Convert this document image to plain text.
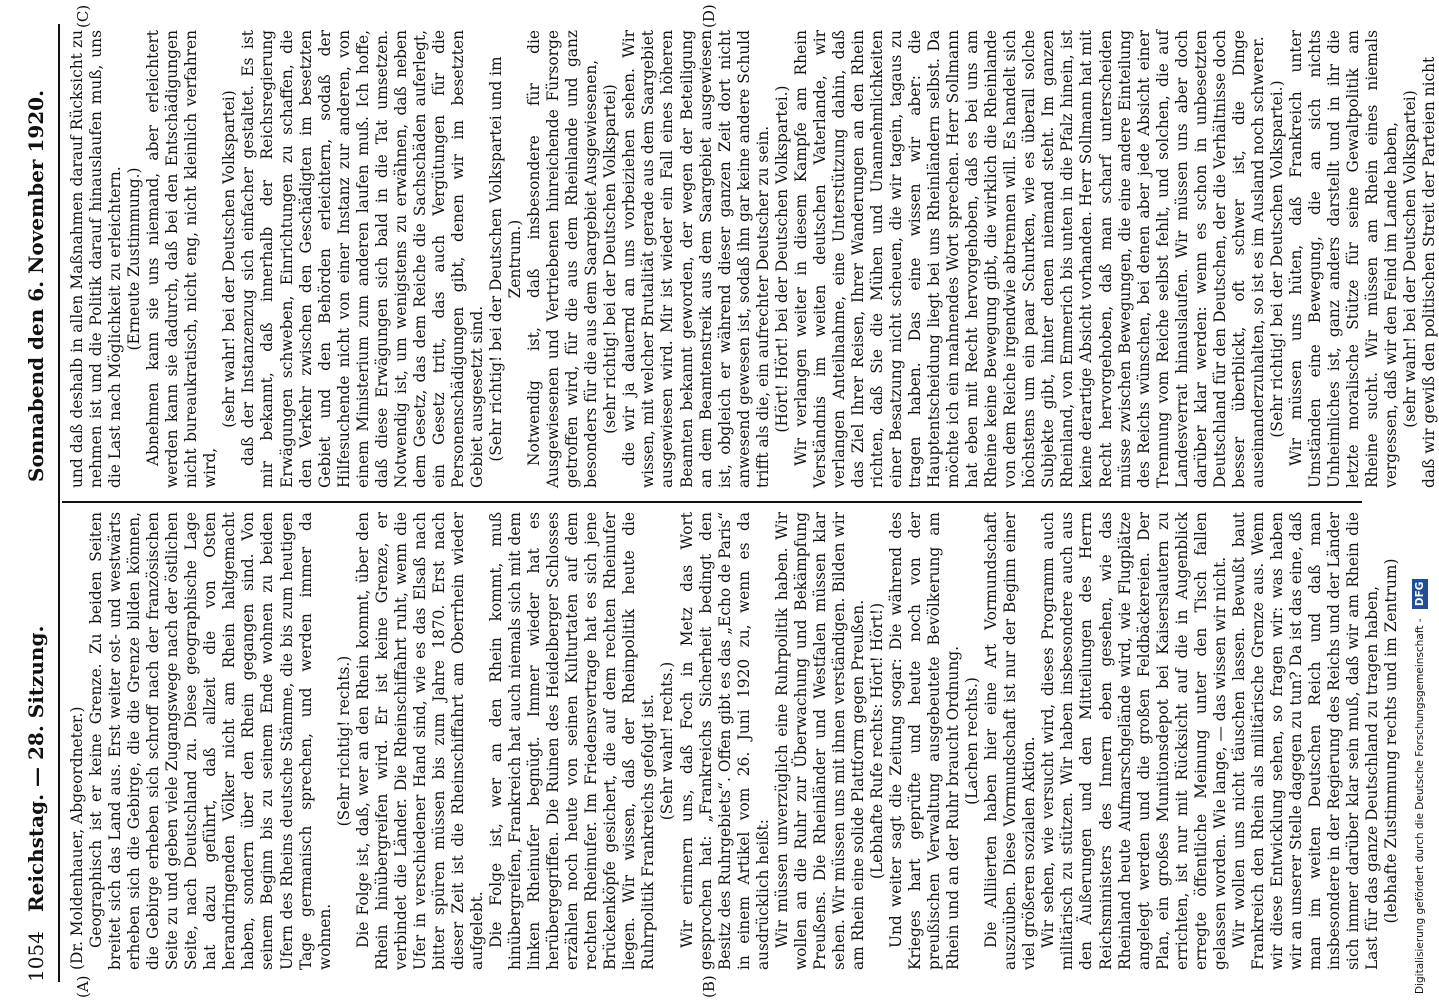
1054
Reichstag. — 28. Sitzung.
Sonnabend den 6. November 1920.
(A)	(B)
(C)	(D)

(Dr. Moldenhauer, Abgeordneter.) Geographisch ist er keine Grenze. Zu beiden Seiten breitet sich das Land aus. Erst weiter ost- und westwärts erheben sich die Gebirge, die die Grenze bilden können, die Gebirge erheben sich schroff nach der französischen Seite zu und geben viele Zugangswege nach der östlichen Seite, nach Deutschland zu. Diese geographische Lage hat dazu geführt, daß allzeit die von Osten herandringenden Völker nicht am Rhein haltgemacht haben, sondern über den Rhein gegangen sind. Von seinem Beginn bis zu seinem Ende wohnen zu beiden Ufern des Rheins deutsche Stämme, die bis zum heutigen Tage germanisch sprechen, und werden immer da wohnen.

(Sehr richtig! rechts.) Die Folge ist, daß, wer an den Rhein kommt, über den Rhein hinübergreifen wird. Er ist keine Grenze, er verbindet die Länder. Die Rheinschiffahrt ruht, wenn die Ufer in verschiedener Hand sind, wie es das Elsaß nach bitter spüren müssen bis zum Jahre 1870. Erst nach dieser Zeit ist die Rheinschiffahrt am Oberrhein wieder aufgelebt. Die Folge ist, wer an den Rhein kommt, muß hinübergreifen, Frankreich hat auch niemals sich mit dem linken Rheinufer begnügt. Immer wieder hat es herübergegriffen. Die Ruinen des Heidelberger Schlosses erzählen noch heute von seinen Kulturtaten auf dem rechten Rheinufer. Im Friedensvertrage hat es sich jene Brückenköpfe gesichert, die auf dem rechten Rheinufer liegen. Wir wissen, daß der Rheinpolitik heute die Ruhrpolitik Frankreichs gefolgt ist. (Sehr wahr! rechts.) Wir erinnern uns, daß Foch in Metz das Wort gesprochen hat: „Frankreichs Sicherheit bedingt den Besitz des Ruhrgebiets“. Offen gibt es das „Echo de Paris“ in einem Artikel vom 26. Juni 1920 zu, wenn es da ausdrücklich heißt: Wir müssen unverzüglich eine Ruhrpolitik haben. Wir wollen an die Ruhr zur Überwachung und Bekämpfung Preußens. Die Rheinländer und Westfalen müssen klar sehen. Wir müssen uns mit ihnen verständigen. Bilden wir am Rhein eine solide Plattform gegen Preußen. (Lebhafte Rufe rechts: Hört! Hört!) Und weiter sagt die Zeitung sogar: Die während des Krieges hart geprüfte und heute noch von der preußischen Verwaltung ausgebeutete Bevölkerung am Rhein und an der Ruhr braucht Ordnung. (Lachen rechts.) Die Alliierten haben hier eine Art Vormundschaft auszuüben. Diese Vormundschaft ist nur der Beginn einer viel größeren sozialen Aktion. Wir sehen, wie versucht wird, dieses Programm auch militärisch zu stützen. Wir haben insbesondere auch aus den Äußerungen und den Mitteilungen des Herrn Reichsministers des Innern eben gesehen, wie das Rheinland heute Aufmarschgelände wird, wie Flugplätze angelegt werden und die großen Feldbäckereien. Der Plan, ein großes Munitionsdepot bei Kaiserslautern zu errichten, ist nur mit Rücksicht auf die in Augenblick erregte öffentliche Meinung unter den Tisch fallen gelassen worden. Wie lange, — das wissen wir nicht. Wir wollen uns nicht täuschen lassen. Bewußt baut Frankreich den Rhein als militärische Grenze aus. Wenn wir diese Entwicklung sehen, so fragen wir: was haben wir an unserer Stelle dagegen zu tun? Da ist das eine, daß man im weiten Deutschen Reich und daß man insbesondere in der Regierung des Reichs und der Länder sich immer darüber klar sein muß, daß wir am Rhein die Last für das ganze Deutschland zu tragen haben, (lebhafte Zustimmung rechts und im Zentrum)

und daß deshalb in allen Maßnahmen darauf Rücksicht zu nehmen ist und die Politik darauf hinauslaufen muß, uns die Last nach Möglichkeit zu erleichtern. (Erneute Zustimmung.) Abnehmen kann sie uns niemand, aber erleichtert werden kann sie dadurch, daß bei den Entschädigungen nicht bureaukratisch, nicht eng, nicht kleinlich verfahren wird,

(sehr wahr! bei der Deutschen Volkspartei) daß der Instanzenzug sich einfacher gestaltet. Es ist mir bekannt, daß innerhalb der Reichsregierung Erwägungen schweben, Einrichtungen zu schaffen, die den Verkehr zwischen den Geschädigten im besetzten Gebiet und den Behörden erleichtern, sodaß der Hilfesuchende nicht von einer Instanz zur anderen, von einem Ministerium zum anderen laufen muß. Ich hoffe, daß diese Erwägungen sich bald in die Tat umsetzen. Notwendig ist, um wenigstens zu erwähnen, daß neben dem Gesetz, das dem Reiche die Sachschäden auferlegt, ein Gesetz tritt, das auch Vergütungen für die Personenschädigungen gibt, denen wir im besetzten Gebiet ausgesetzt sind. (Sehr richtig! bei der Deutschen Volkspartei und im Zentrum.) Notwendig ist, daß insbesondere für die Ausgewiesenen und Vertriebenen hinreichende Fürsorge getroffen wird, für die aus dem Rheinlande und ganz besonders für die aus dem Saargebiet Ausgewiesenen, (sehr richtig! bei der Deutschen Volkspartei) die wir ja dauernd an uns vorbeiziehen sehen. Wir wissen, mit welcher Brutalität gerade aus dem Saargebiet ausgewiesen wird. Mir ist wieder ein Fall eines höheren Beamten bekannt geworden, der wegen der Beteiligung an dem Beamtenstreik aus dem Saargebiet ausgewiesen ist, obgleich er während dieser ganzen Zeit dort nicht anwesend gewesen ist, sodaß ihn gar keine andere Schuld trifft als die, ein aufrechter Deutscher zu sein. (Hört! Hört! bei der Deutschen Volkspartei.) Wir verlangen weiter in diesem Kampfe am Rhein Verständnis im weiten deutschen Vaterlande, wir verlangen Anteilnahme, eine Unterstützung dahin, daß das Ziel Ihrer Reisen, Ihrer Wanderungen an den Rhein richten, daß Sie die Mühen und Unannehmlichkeiten einer Besatzung nicht scheuen, die wir tagein, tagaus zu tragen haben. Das eine wissen wir aber: die Hauptentscheidung liegt bei uns Rheinländern selbst. Da möchte ich ein mahnendes Wort sprechen. Herr Sollmann hat eben mit Recht hervorgehoben, daß es bei uns am Rheine keine Bewegung gibt, die wirklich die Rheinlande von dem Reiche irgendwie abtrennen will. Es handelt sich höchstens um ein paar Schurken, wie es überall solche Subjekte gibt, hinter denen niemand steht. Im ganzen Rheinland, von Emmerich bis unten in die Pfalz hinein, ist keine derartige Absicht vorhanden. Herr Sollmann hat mit Recht hervorgehoben, daß man scharf unterscheiden müsse zwischen Bewegungen, die eine andere Einteilung des Reichs wünschen, bei denen aber jede Absicht einer Trennung vom Reiche selbst fehlt, und solchen, die auf Landesverrat hinauslaufen. Wir müssen uns aber doch darüber klar werden: wenn es schon in unbesetzten Deutschland für den Deutschen, der die Verhältnisse doch besser überblickt, oft schwer ist, die Dinge auseinanderzuhalten, so ist es im Ausland noch schwerer. (Sehr richtig! bei der Deutschen Volkspartei.) Wir müssen uns hüten, daß Frankreich unter Umständen eine Bewegung, die an sich nichts Unheimliches ist, ganz anders darstellt und in ihr die letzte moralische Stütze für seine Gewaltpolitik am Rheine sucht. Wir müssen am Rhein eines niemals vergessen, daß wir den Feind im Lande haben, (sehr wahr! bei der Deutschen Volkspartei) daß wir gewiß den politischen Streit der Parteien nicht

Digitalisierung gefördert durch die Deutsche Forschungsgemeinschaft - DFG
